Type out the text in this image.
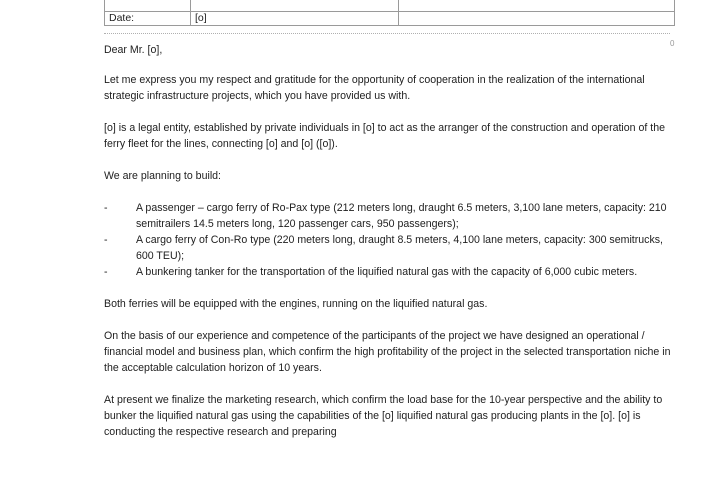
Date:	[o]	
0

Dear Mr. [o],

Let me express you my respect and gratitude for the opportunity of cooperation in the realization of the international strategic infrastructure projects, which you have provided us with.

[o] is a legal entity, established by private individuals in [o] to act as the arranger of the construction and operation of the ferry fleet for the lines, connecting [o] and [o] ([o]).

We are planning to build:

-	A passenger – cargo ferry of Ro-Pax type (212 meters long, draught 6.5 meters, 3,100 lane meters, capacity: 210 semitrailers 14.5 meters long, 120 passenger cars, 950 passengers);
-	A cargo ferry of Con-Ro type (220 meters long, draught 8.5 meters, 4,100 lane meters, capacity: 300 semitrucks, 600 TEU);
-	A bunkering tanker for the transportation of the liquified natural gas with the capacity of 6,000 cubic meters.

Both ferries will be equipped with the engines, running on the liquified natural gas.

On the basis of our experience and competence of the participants of the project we have designed an operational / financial model and business plan, which confirm the high profitability of the project in the selected transportation niche in the acceptable calculation horizon of 10 years.

At present we finalize the marketing research, which confirm the load base for the 10-year perspective and the ability to bunker the liquified natural gas using the capabilities of the [o] liquified natural gas producing plants in the [o]. [o] is conducting the respective research and preparing
